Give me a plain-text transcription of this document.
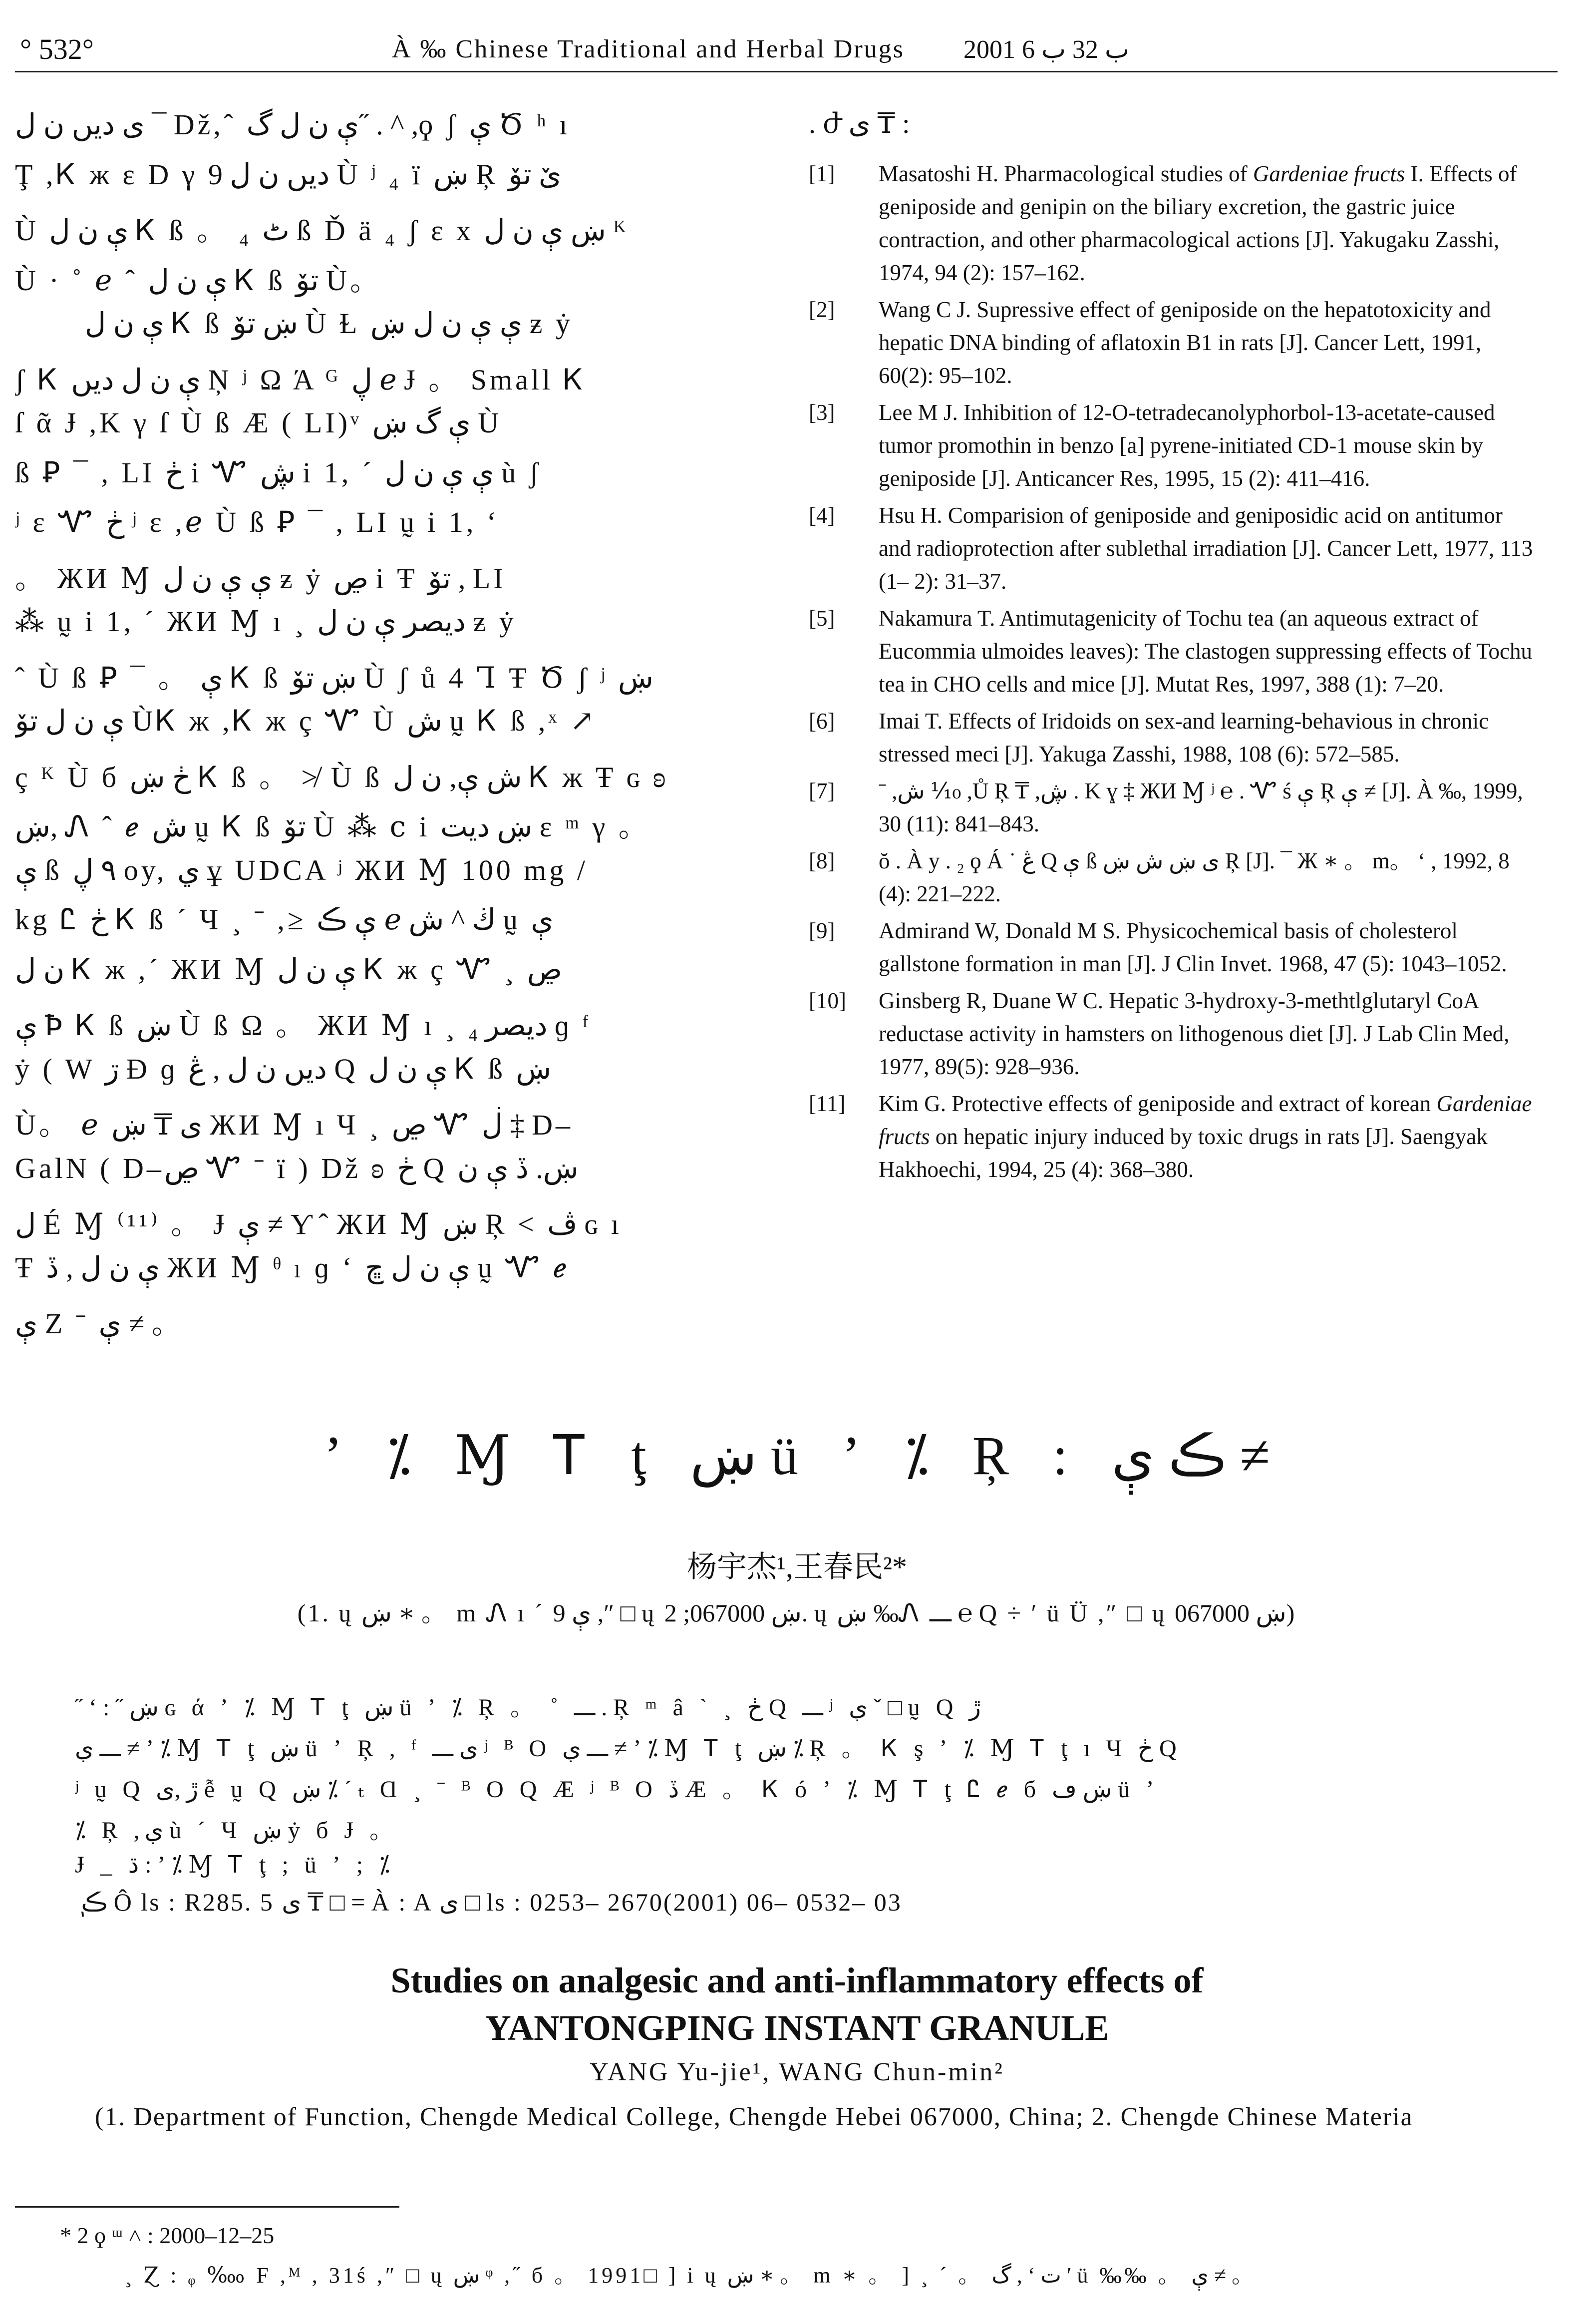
° 532°	À ‰ Chinese Traditional and Herbal Drugs 2001 ب 32 ب 6
ى ديں ن ل ¯ Dž,ˆ ې ن ل گ˝ . ^ ,ϙ ʃ ې Ծ ʰ ı
Ţ ,Ꮶ ж ε D γ ديں ن ل 9 Ù ʲ ₄ ï ښ Ŗ ێ تۆ
Ù ې ن ل Ꮶ ß 。 ₄ ٹ ß Ď ä ₄ ʃ ε x ښ ې ن ل ᴷ
Ù · ˚ ℯ ˆ ې ن ل Ꮶ ß تۆ Ù。
ې ن ل Ꮶ ß ښ تۆ Ù Ɫ ې ې ن ل ښ ƶ ẏ
ʃ Ꮶ ې ن ل ديں Ņ ʲ Ω Ά ᴳ ڸ ℯ Ɉ 。 Small Ꮶ
ſ ᾶ Ɉ ,K γ ſ Ù ß Æ ( LI)ᵛ ې گ ښ Ù
ß Ꝑ ¯ , LI ڂ i Ꮙ ڜ i 1, ´ ې ې ن ل ù ʃ
ʲ ε Ꮙ ڂ ʲ ε ,ℯ Ù ß Ꝑ ¯ , LI ṵ i 1, ʻ
。 ЖИ Ɱ ې ې ن ل ƶ ẏ ڝ i Ŧ تۆ , LI
⁂ ṵ i 1, ´ ЖИ Ɱ ı ¸ ديصر ې ن ل ƶ ẏ
ˆ Ù ß Ꝑ ¯ 。 ې Ꮶ ß ښ تۆ Ù ʃ ů 4 Ꞁ Ŧ Ծ ʃ ʲ ښ
ې ن ل تۆ ÙᏦ ж ,Ꮶ ж ç Ꮙ Ù ش ṵ Ꮶ ß ,ˣ ↗
ç ᴷ Ù б ڂ ښ Ꮶ ß 。 ≯ Ù ß ش ې, ن ل Ꮶ ж Ŧ ɢ ʚ
ښ, Ꮑ ˆ ℯ ش ṵ Ꮶ ß تۆ Ù ⁂ ⅽ i ښ ديت ε ᵐ γ 。
ې ß ٩ ڸ oy, ي ұ UDCA ʲ ЖИ Ɱ 100 mg /
kg Ꮭ ڂ Ꮶ ß ´ Ч ¸ ˉ ,≥ ې ڪ ℯ ڬ ^ ش ṵ ې
ن ل Ꮶ ж ,´ ЖИ Ɱ ې ن ل Ꮶ ж ç Ꮙ ¸ ڝ
ې Ꝥ Ꮶ ß ښ Ù ß Ω 。 ЖИ Ɱ ı ¸ ديصر ₄ ɡ ᶠ
ẏ ( W ڗ Ɖ ɡ ديں ن ل , ڠ Q ې ن ل Ꮶ ß ښ
Ù。 ℯ ى ₸ ښ ЖИ Ɱ ı Ч ¸ ڝ Ꮙ ڶ ‡ D–
GalN ( D–ڝ Ꮙ ˉ ï ) Dž ʚ ڂ Q ښ. ڏ ې ن
ل É Ɱ ⁽¹¹⁾ 。 Ɉ ې ≠ Ƴ ̂ ЖИ Ɱ ښ Ŗ < ڤ ɢ ı
Ŧ ې ن ل , ڏ ЖИ Ɱ ᶿ ₗ ɡ ʻ ې ن ل ڇ ṵ Ꮙ ℯ
ې Ζ ˉ ې ≠ 。
. ժ ى ₸ :
[1] Masatoshi H. Pharmacological studies of Gardeniae fructs I. Effects of geniposide and genipin on the biliary excretion, the gastric juice contraction, and other pharmacological actions [J]. Yakugaku Zasshi, 1974, 94 (2): 157–162.
[2] Wang C J. Supressive effect of geniposide on the hepatotoxicity and hepatic DNA binding of aflatoxin B1 in rats [J]. Cancer Lett, 1991, 60(2): 95–102.
[3] Lee M J. Inhibition of 12-O-tetradecanolyphorbol-13-acetate-caused tumor promothin in benzo [a] pyrene-initiated CD-1 mouse skin by geniposide [J]. Anticancer Res, 1995, 15 (2): 411–416.
[4] Hsu H. Comparision of geniposide and geniposidic acid on antitumor and radioprotection after sublethal irradiation [J]. Cancer Lett, 1977, 113 (1– 2): 31–37.
[5] Nakamura T. Antimutagenicity of Tochu tea (an aqueous extract of Eucommia ulmoides leaves): The clastogen suppressing effects of Tochu tea in CHO cells and mice [J]. Mutat Res, 1997, 388 (1): 7–20.
[6] Imai T. Effects of Iridoids on sex-and learning-behavious in chronic stressed meci [J]. Yakuga Zasshi, 1988, 108 (6): 572–585.
[7] ˉ ,ش ⅒ ,Ů Ŗ ₸ ,ڜ . K ɣ ‡ ЖИ Ɱ ʲ ℮ . Ꮙ ś ې Ŗ ې ≠ [J]. À ‰, 1999, 30 (11): 841–843.
[8] ŏ . À y . ₂ ϙ Á ˙ ڠ Q ې ß ی ښ ش ښ Ŗ [J]. ¯ Ж ∗ 。 m。 ʻ , 1992, 8 (4): 221–222.
[9] Admirand W, Donald M S. Physicochemical basis of cholesterol gallstone formation in man [J]. J Clin Invet. 1968, 47 (5): 1043–1052.
[10] Ginsberg R, Duane W C. Hepatic 3-hydroxy-3-methtlglutaryl CoA reductase activity in hamsters on lithogenous diet [J]. J Lab Clin Med, 1977, 89(5): 928–936.
[11] Kim G. Protective effects of geniposide and extract of korean Gardeniae fructs on hepatic injury induced by toxic drugs in rats [J]. Saengyak Hakhoechi, 1994, 25 (4): 368–380.
ʼ ⁒ Ɱ Ꭲ ţ ښ ü ʼ ⁒ Ŗ : ڪ ې ≠
杨宇杰¹,王春民²*
(1. ų ښ ∗ 。 m Ꮑ ı ´ ې 9 ,″ □ ų ښ 067000; 2. ų ښ ‰Ꮑ ـــ ℮ Q ÷ ʹ ü Ü ,″ □ ų ښ 067000)
˝ ʻ : ˝ ښ ɢ ά ʼ ⁒ Ɱ Ꭲ ţ ښ ü ʼ ⁒ Ŗ 。 ˚ ـــ . Ŗ ᵐ â ˋ ¸ ڂ Q ـــ ʲ ې ˇ □ ṵ Q ڙ
ـــ ې ≠ ʼ ⁒ Ɱ Ꭲ ţ ښ ü ʼ Ŗ , ᶠ ى ـــ ʲ ᴮ O ـــ ې ≠ ʼ ⁒ Ɱ Ꭲ ţ ښ ⁒ Ŗ 。 Ꮶ ş ʼ ⁒ Ɱ Ꭲ ţ ı Ч ڂ Q
ʲ ṵ Q ڙ ,ى ễ ṵ Q ښ ⁒ ˊ ₜ Ɑ ¸ ˉ ᴮ O Q Æ ʲ ᴮ O ڏ Æ 。 Ꮶ ó ʼ ⁒ Ɱ Ꭲ ţ Ꮭ ℯ б ښ ڡ ü ʼ
⁒ Ŗ ,ې ù ´ Ч ښ ẏ б Ɉ 。
Ɉ _ ڌ : ʼ ⁒ Ɱ Ꭲ ţ ; ü ʼ ; ⁒
ٖ ڪ Ô ls : R285. 5 ى ₸ □ = À : A ى □ ls : 0253– 2670(2001) 06– 0532– 03
Studies on analgesic and anti-inflammatory effects of
YANTONGPING INSTANT GRANULE
YANG Yu-jie¹, WANG Chun-min²
(1. Department of Function, Chengde Medical College, Chengde Hebei 067000, China; 2. Chengde Chinese Materia
* 2 ϙ ᵚ ˄ : 2000–12–25
¸ Ɀ : ᵩ ‱ F ,ᴹ , 31ś ,″ □ ų ښ ᵠ ,˝ б 。 1991□ ] i ų ښ ∗ 。 m ∗ 。 ] ¸ ˊ 。 گ , ʻ ت ʹ ü ‰‰ 。 ې ≠ 。
